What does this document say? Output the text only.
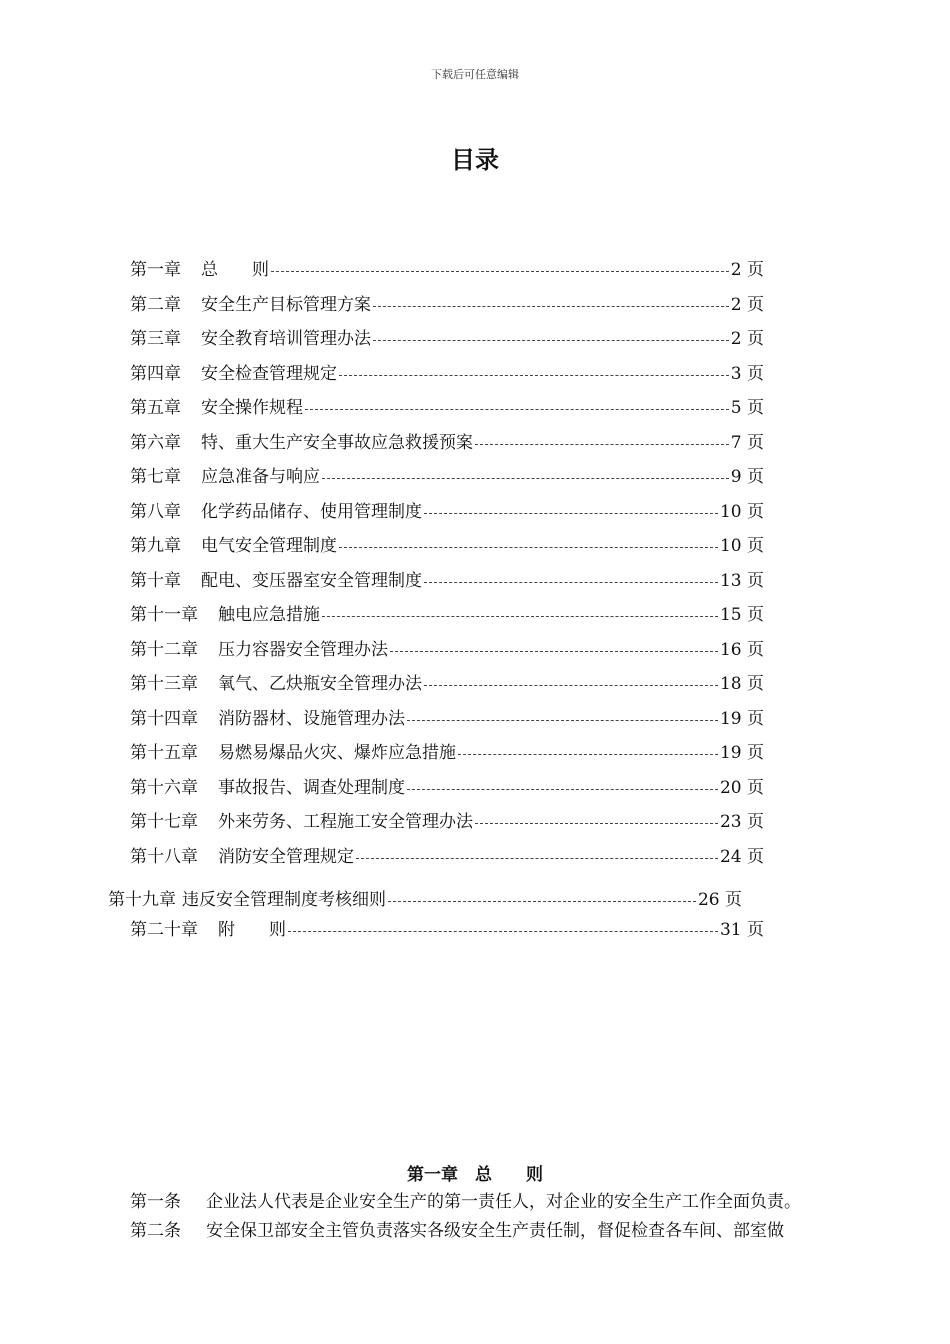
下载后可任意编辑
目录
第一章 总　　则	2 页
第二章 安全生产目标管理方案	2 页
第三章 安全教育培训管理办法	2 页
第四章 安全检查管理规定	3 页
第五章 安全操作规程	5 页
第六章 特、重大生产安全事故应急救援预案	7 页
第七章 应急准备与响应	9 页
第八章 化学药品储存、使用管理制度	10 页
第九章 电气安全管理制度	10 页
第十章 配电、变压器室安全管理制度	13 页
第十一章 触电应急措施	15 页
第十二章 压力容器安全管理办法	16 页
第十三章 氧气、乙炔瓶安全管理办法	18 页
第十四章 消防器材、设施管理办法	19 页
第十五章 易燃易爆品火灾、爆炸应急措施	19 页
第十六章 事故报告、调查处理制度	20 页
第十七章 外来劳务、工程施工安全管理办法	23 页
第十八章 消防安全管理规定	24 页
第十九章 违反安全管理制度考核细则	26 页
第二十章 附　　则	31 页
第一章　总　　则
第一条 企业法人代表是企业安全生产的第一责任人，对企业的安全生产工作全面负责。
第二条 安全保卫部安全主管负责落实各级安全生产责任制，督促检查各车间、部室做
